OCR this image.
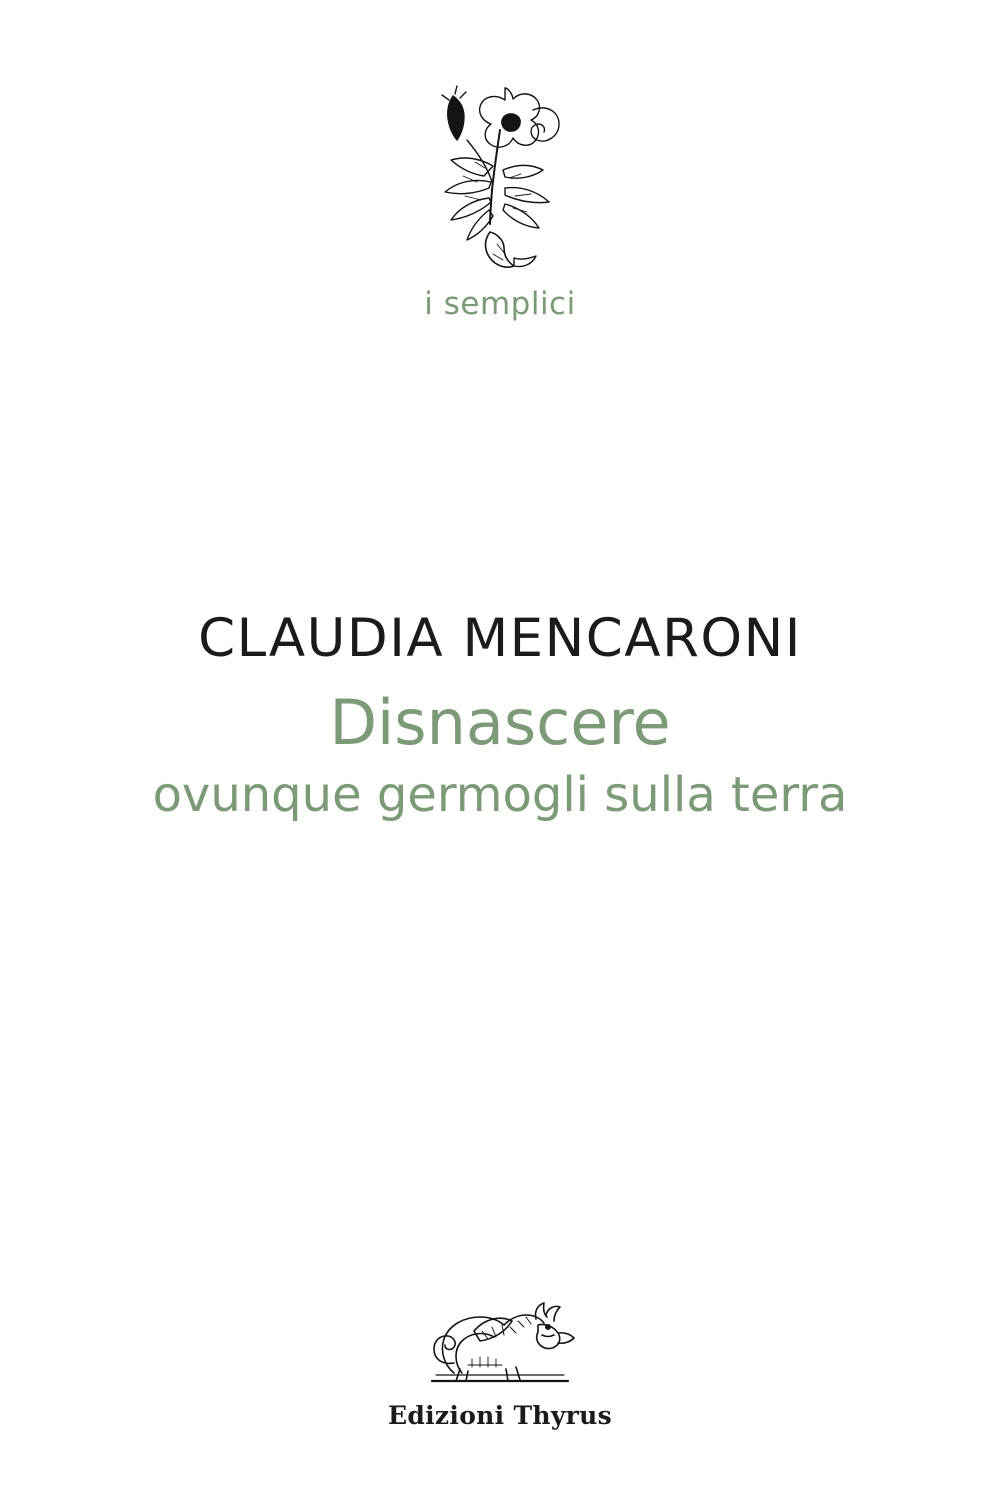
i semplici
CLAUDIA MENCARONI
Disnascere
ovunque germogli sulla terra
Edizioni Thyrus
